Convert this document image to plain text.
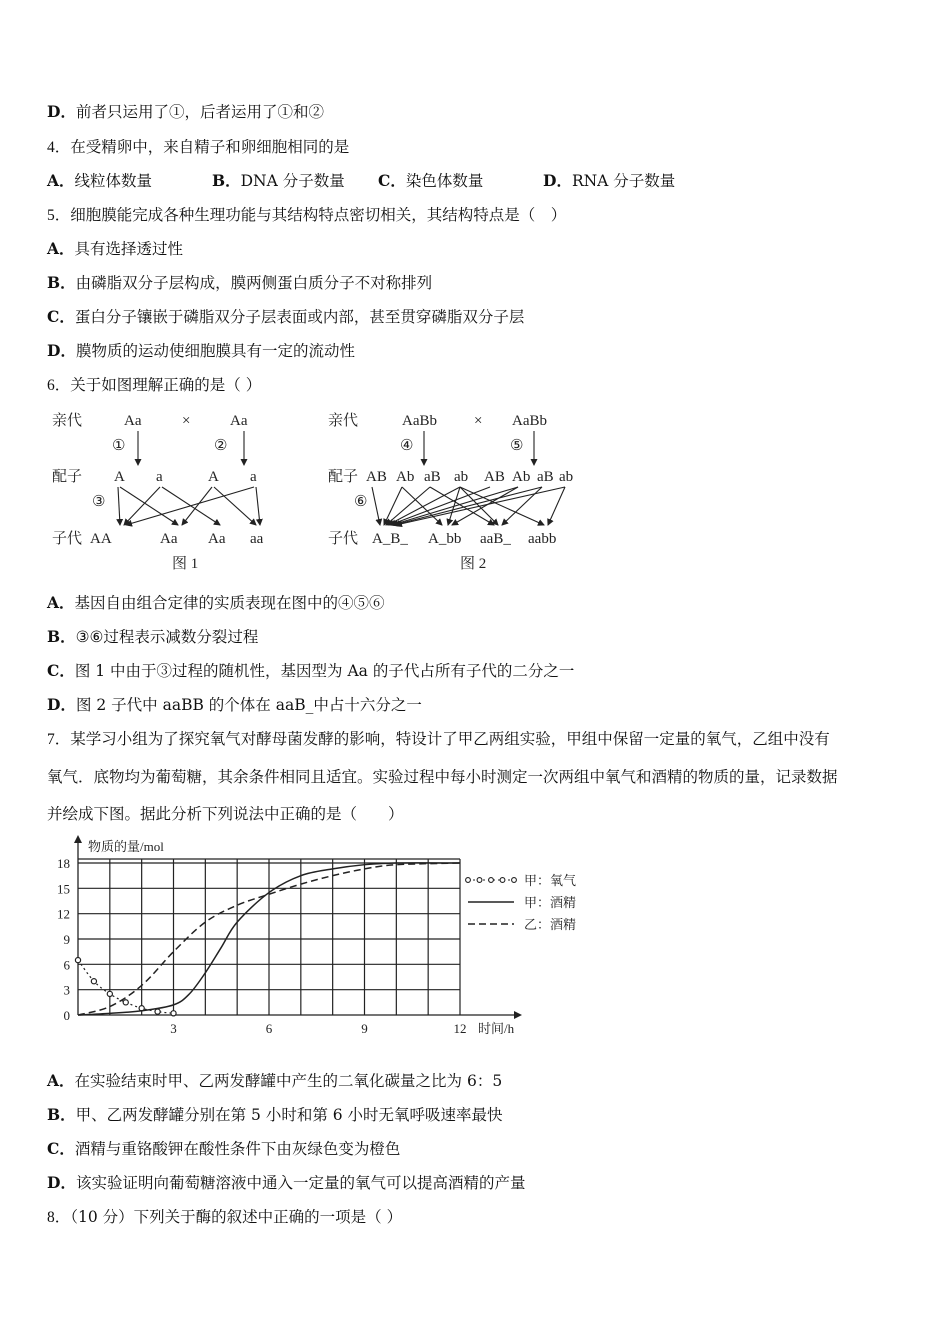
D．前者只运用了①，后者运用了①和②
4．在受精卵中，来自精子和卵细胞相同的是
A．线粒体数量	B．DNA 分子数量 C．染色体数量	D．RNA 分子数量
5．细胞膜能完成各种生理功能与其结构特点密切相关，其结构特点是（　）
A．具有选择透过性
B．由磷脂双分子层构成，膜两侧蛋白质分子不对称排列
C．蛋白分子镶嵌于磷脂双分子层表面或内部，甚至贯穿磷脂双分子层
D．膜物质的运动使细胞膜具有一定的流动性
6．关于如图理解正确的是（ ）
亲代	Aa	×	Aa
①	②
配子 A a	A a
③
子代 AA	Aa Aa aa
图 1
亲代	AaBb × AaBb
④	⑤
配子 AB Ab aB ab AB Ab aB ab
⑥
子代 A_B_ A_bb aaB_ aabb
图 2
A．基因自由组合定律的实质表现在图中的④⑤⑥
B．③⑥过程表示减数分裂过程
C．图 1 中由于③过程的随机性，基因型为 Aa 的子代占所有子代的二分之一
D．图 2 子代中 aaBB 的个体在 aaB_中占十六分之一
7．某学习小组为了探究氧气对酵母菌发酵的影响，特设计了甲乙两组实验，甲组中保留一定量的氧气，乙组中没有
氧气．底物均为葡萄糖，其余条件相同且适宜。实验过程中每小时测定一次两组中氧气和酒精的物质的量，记录数据
并绘成下图。据此分析下列说法中正确的是（　　）
物质的量/mol
时间/h
0
3
6
9
12
15
18
3	6	9	12
甲：氧气
甲：酒精
乙：酒精
A．在实验结束时甲、乙两发酵罐中产生的二氧化碳量之比为 6：5
B．甲、乙两发酵罐分别在第 5 小时和第 6 小时无氧呼吸速率最快
C．酒精与重铬酸钾在酸性条件下由灰绿色变为橙色
D．该实验证明向葡萄糖溶液中通入一定量的氧气可以提高酒精的产量
8．（10 分）下列关于酶的叙述中正确的一项是（ ）
